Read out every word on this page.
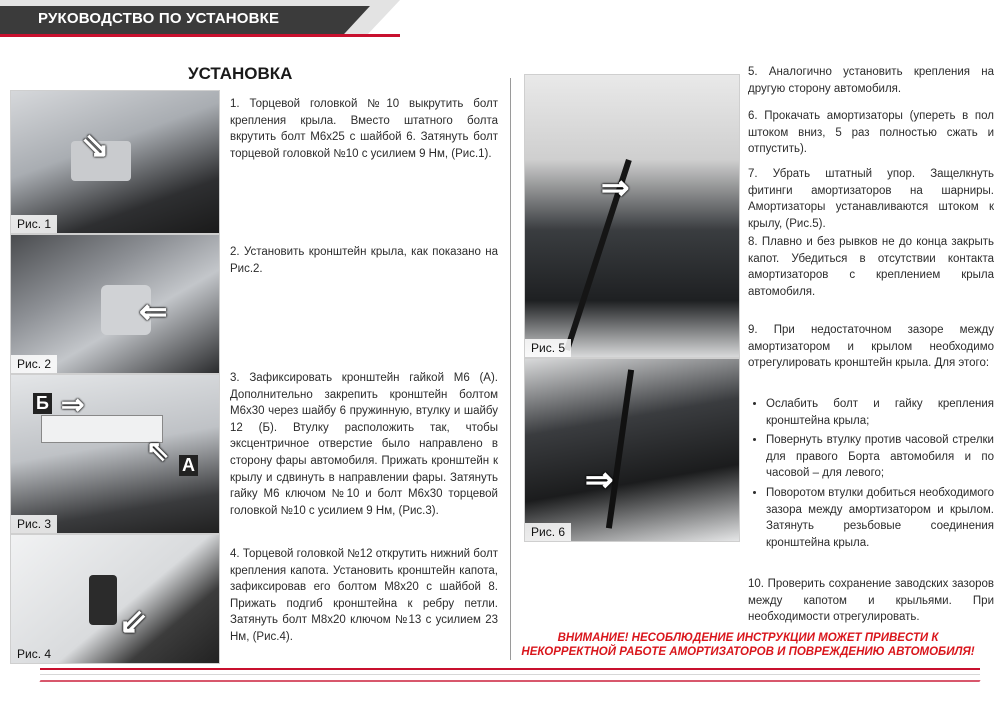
РУКОВОДСТВО ПО УСТАНОВКЕ
УСТАНОВКА
⇘
Рис. 1
⇐
Рис. 2
Б ⇒
А
⇖
Рис. 3
⇙
Рис. 4
1. Торцевой головкой №10 выкрутить болт крепления крыла. Вместо штатного болта вкрутить болт М6х25 с шайбой 6. Затянуть болт торцевой головкой №10 с усилием 9 Нм, (Рис.1).
2. Установить кронштейн крыла, как показано на Рис.2.
3. Зафиксировать кронштейн гайкой М6 (А). Дополнительно закрепить кронштейн болтом М6х30 через шайбу 6 пружинную, втулку и шайбу 12 (Б). Втулку расположить так, чтобы эксцентричное отверстие было направлено в сторону фары автомобиля. Прижать кронштейн к крылу и сдвинуть в направлении фары. Затянуть гайку М6 ключом №10 и болт М6х30 торцевой головкой №10 с усилием 9 Нм, (Рис.3).
4. Торцевой головкой №12 открутить нижний болт крепления капота. Установить кронштейн капота, зафиксировав его болтом М8х20 с шайбой 8. Прижать подгиб кронштейна к ребру петли. Затянуть болт М8х20 ключом №13 с усилием 23 Нм, (Рис.4).
⇒
Рис. 5
⇒
Рис. 6
5. Аналогично установить крепления на другую сторону автомобиля.
6. Прокачать амортизаторы (упереть в пол штоком вниз, 5 раз полностью сжать и отпустить).
7. Убрать штатный упор. Защелкнуть фитинги амортизаторов на шарниры. Амортизаторы устанавливаются штоком к крылу, (Рис.5).
8. Плавно и без рывков не до конца закрыть капот. Убедиться в отсутствии контакта амортизаторов с креплением крыла автомобиля.
9. При недостаточном зазоре между амортизатором и крылом необходимо отрегулировать кронштейн крыла. Для этого:
• Ослабить болт и гайку крепления кронштейна крыла;
• Повернуть втулку против часовой стрелки для правого Борта автомобиля и по часовой – для левого;
• Поворотом втулки добиться необходимого зазора между амортизатором и крылом. Затянуть резьбовые соединения кронштейна крыла.
10. Проверить сохранение заводских зазоров между капотом и крыльями. При необходимости отрегулировать.
ВНИМАНИЕ! НЕСОБЛЮДЕНИЕ ИНСТРУКЦИИ МОЖЕТ ПРИВЕСТИ К
НЕКОРРЕКТНОЙ РАБОТЕ АМОРТИЗАТОРОВ И ПОВРЕЖДЕНИЮ АВТОМОБИЛЯ!
